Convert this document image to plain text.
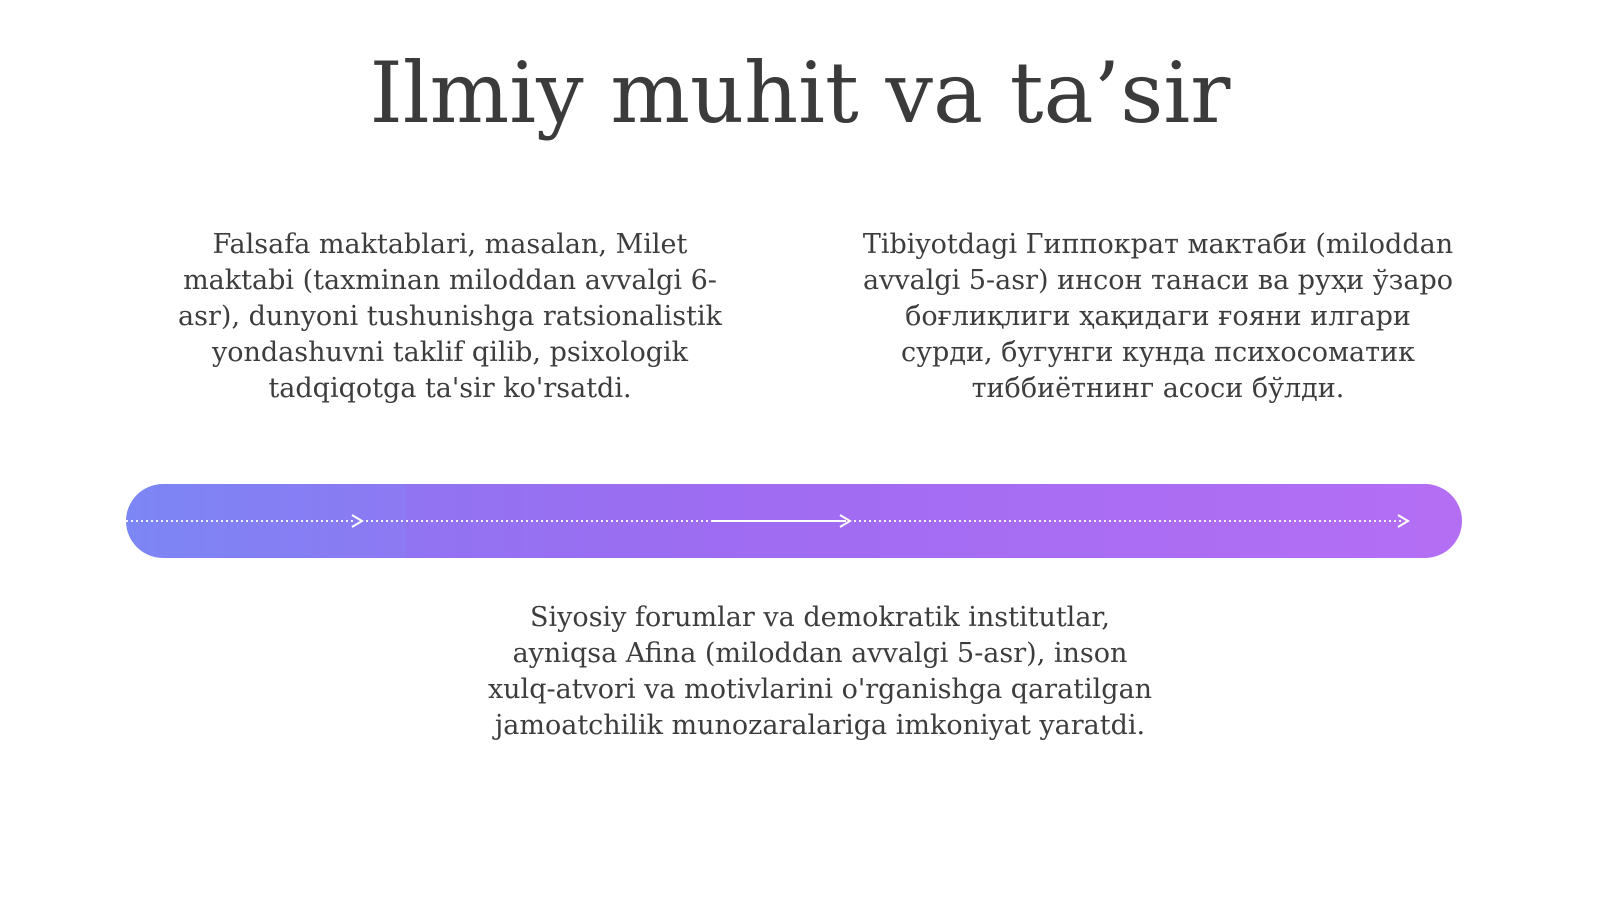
Ilmiy muhit va ta’sir

Falsafa maktablari, masalan, Milet
maktabi (taxminan miloddan avvalgi 6-
asr), dunyoni tushunishga ratsionalistik
yondashuvni taklif qilib, psixologik
tadqiqotga ta'sir ko'rsatdi.

Tibiyotdagi Гиппократ мактаби (miloddan
avvalgi 5-asr) инсон танаси ва руҳи ўзаро
боғлиқлиги ҳақидаги ғояни илгари
сурди, бугунги кунда психосоматик
тиббиётнинг асоси бўлди.

Siyosiy forumlar va demokratik institutlar,
ayniqsa Afina (miloddan avvalgi 5-asr), inson
xulq-atvori va motivlarini o'rganishga qaratilgan
jamoatchilik munozaralariga imkoniyat yaratdi.
